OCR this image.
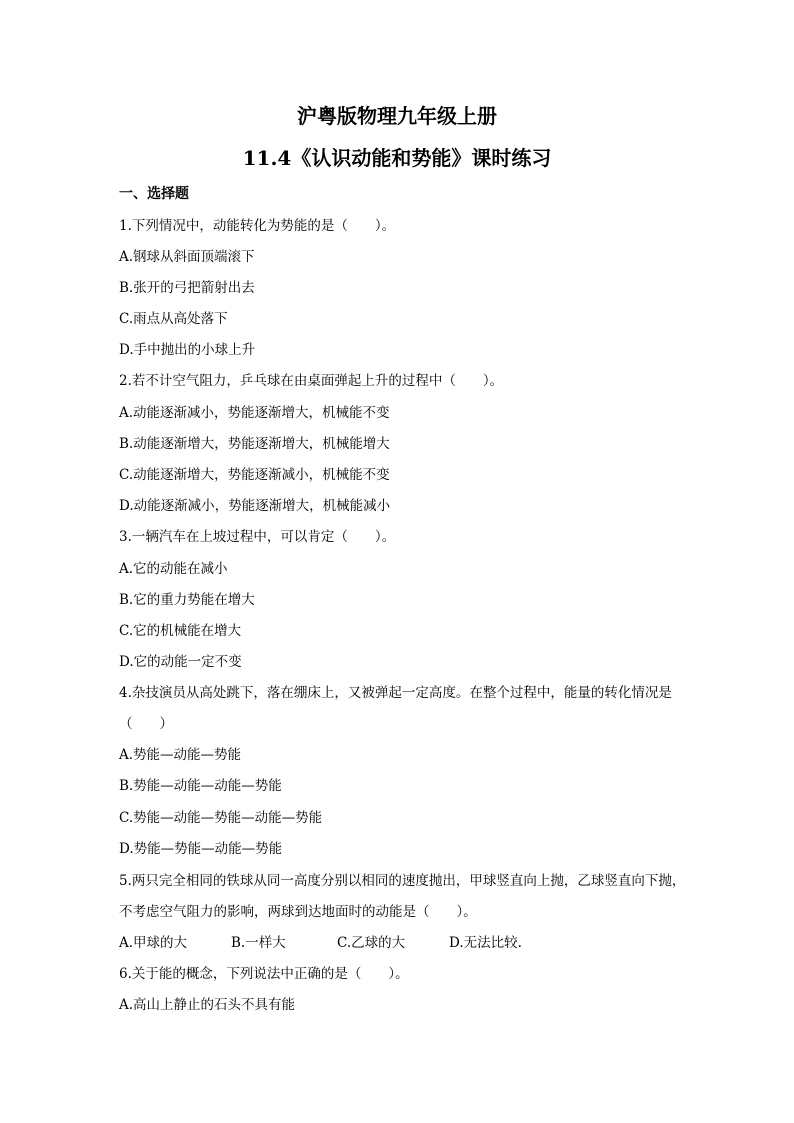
沪粤版物理九年级上册
11.4《认识动能和势能》课时练习
一、选择题
1.下列情况中，动能转化为势能的是（　　）。
A.钢球从斜面顶端滚下
B.张开的弓把箭射出去
C.雨点从高处落下
D.手中抛出的小球上升
2.若不计空气阻力，乒乓球在由桌面弹起上升的过程中（　　）。
A.动能逐渐减小，势能逐渐增大，机械能不变
B.动能逐渐增大，势能逐渐增大，机械能增大
C.动能逐渐增大，势能逐渐减小，机械能不变
D.动能逐渐减小，势能逐渐增大，机械能减小
3.一辆汽车在上坡过程中，可以肯定（　　）。
A.它的动能在减小
B.它的重力势能在增大
C.它的机械能在增大
D.它的动能一定不变
4.杂技演员从高处跳下，落在绷床上，又被弹起一定高度。在整个过程中，能量的转化情况是
（　　）
A.势能—动能—势能
B.势能—动能—动能—势能
C.势能—动能—势能—动能—势能
D.势能—势能—动能—势能
5.两只完全相同的铁球从同一高度分别以相同的速度抛出，甲球竖直向上抛，乙球竖直向下抛，
不考虑空气阻力的影响，两球到达地面时的动能是（　　）。
A.甲球的大	B.一样大	C.乙球的大	D.无法比较.
6.关于能的概念，下列说法中正确的是（　　）。
A.高山上静止的石头不具有能
